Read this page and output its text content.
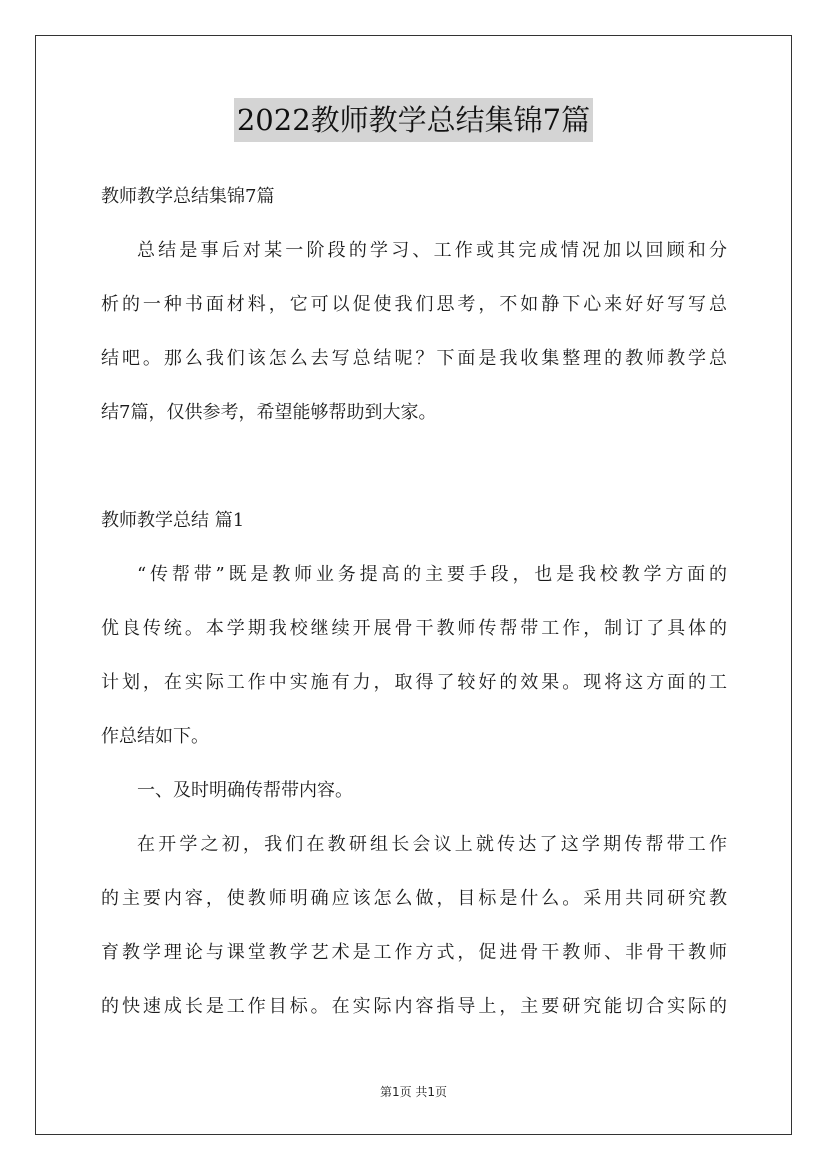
2022教师教学总结集锦7篇
教师教学总结集锦7篇
总结是事后对某一阶段的学习、工作或其完成情况加以回顾和分
析的一种书面材料，它可以促使我们思考，不如静下心来好好写写总
结吧。那么我们该怎么去写总结呢？下面是我收集整理的教师教学总
结7篇，仅供参考，希望能够帮助到大家。
教师教学总结 篇1
“传帮带”既是教师业务提高的主要手段，也是我校教学方面的
优良传统。本学期我校继续开展骨干教师传帮带工作，制订了具体的
计划，在实际工作中实施有力，取得了较好的效果。现将这方面的工
作总结如下。
一、及时明确传帮带内容。
在开学之初，我们在教研组长会议上就传达了这学期传帮带工作
的主要内容，使教师明确应该怎么做，目标是什么。采用共同研究教
育教学理论与课堂教学艺术是工作方式，促进骨干教师、非骨干教师
的快速成长是工作目标。在实际内容指导上，主要研究能切合实际的
第1页 共1页
